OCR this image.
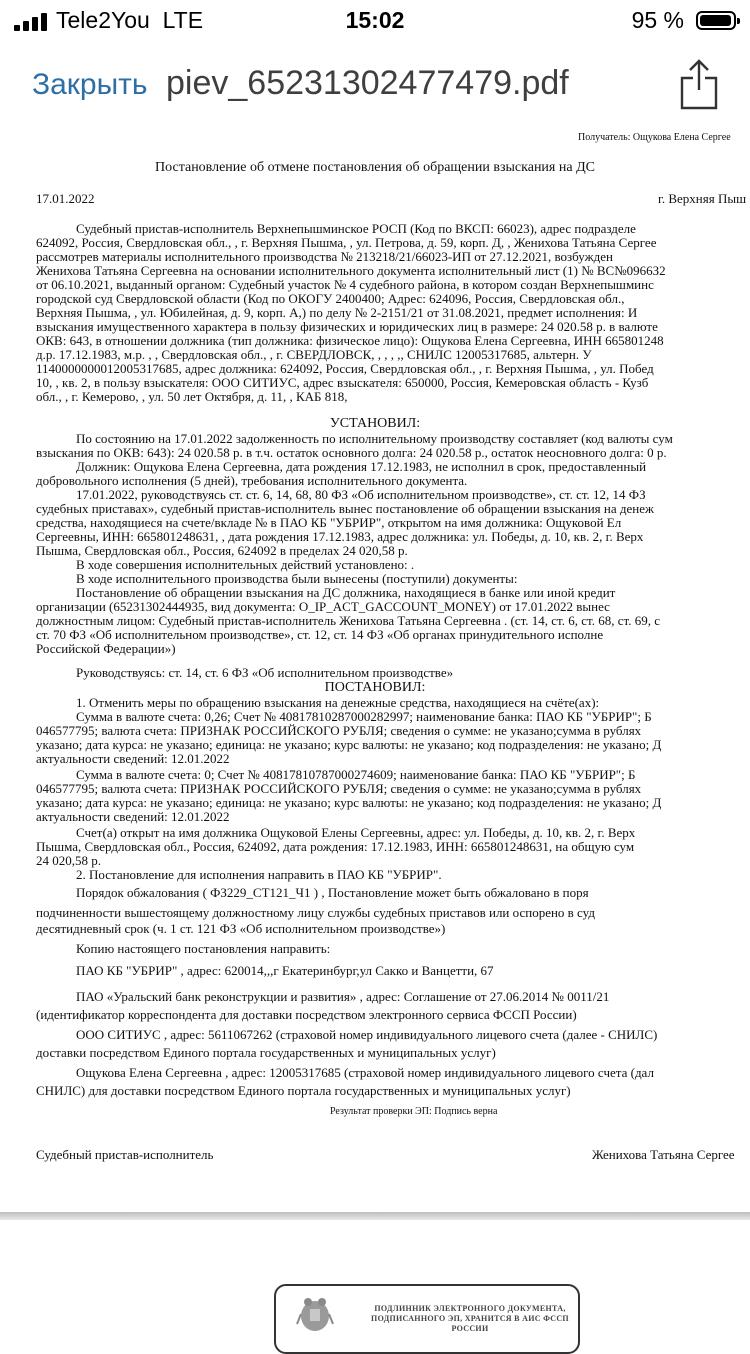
Tele2You LTE	15:02	95 %
Закрыть piev_65231302477479.pdf
Получатель: Ощукова Елена Сергее
Постановление об отмене постановления об обращении взыскания на ДС
17.01.2022	г. Верхняя Пыш
Судебный пристав-исполнитель Верхнепышминское РОСП (Код по ВКСП: 66023), адрес подразделе
624092, Россия, Свердловская обл., , г. Верхняя Пышма, , ул. Петрова, д. 59, корп. Д, , Женихова Татьяна Сергее
рассмотрев материалы исполнительного производства № 213218/21/66023-ИП от 27.12.2021, возбужден
Женихова Татьяна Сергеевна на основании исполнительного документа исполнительный лист (1) № ВС№0966З2
от 06.10.2021, выданный органом: Судебный участок № 4 судебного района, в котором создан Верхнепышминс
городской суд Свердловской области (Код по ОКОГУ 2400400; Адрес: 624096, Россия, Свердловская обл.,
Верхняя Пышма, , ул. Юбилейная, д. 9, корп. А,) по делу № 2-2151/21 от 31.08.2021, предмет исполнения: И
взыскания имущественного характера в пользу физических и юридических лиц в размере: 24 020.58 р. в валюте
ОКВ: 643, в отношении должника (тип должника: физическое лицо): Ощукова Елена Сергеевна, ИНН 665801248
д.р. 17.12.1983, м.р. , , Свердловская обл., , г. СВЕРДЛОВСК, , , , ,, СНИЛС 12005317685, альтерн. У
1140000000012005317685, адрес должника: 624092, Россия, Свердловская обл., , г. Верхняя Пышма, , ул. Побед
10, , кв. 2, в пользу взыскателя: ООО СИТИУС, адрес взыскателя: 650000, Россия, Кемеровская область - Кузб
обл., , г. Кемерово, , ул. 50 лет Октября, д. 11, , КАБ 818,
УСТАНОВИЛ:
По состоянию на 17.01.2022 задолженность по исполнительному производству составляет (код валюты сум
взыскания по ОКВ: 643): 24 020.58 р. в т.ч. остаток основного долга: 24 020.58 р., остаток неосновного долга: 0 р.
Должник: Ощукова Елена Сергеевна, дата рождения 17.12.1983, не исполнил в срок, предоставленный
добровольного исполнения (5 дней), требования исполнительного документа.
17.01.2022, руководствуясь ст. ст. 6, 14, 68, 80 ФЗ «Об исполнительном производстве», ст. ст. 12, 14 ФЗ
судебных приставах», судебный пристав-исполнитель вынес постановление об обращении взыскания на денеж
средства, находящиеся на счете/вкладе № в ПАО КБ "УБРИР", открытом на имя должника: Ощуковой Ел
Сергеевны, ИНН: 665801248631, , дата рождения 17.12.1983, адрес должника: ул. Победы, д. 10, кв. 2, г. Верх
Пышма, Свердловская обл., Россия, 624092 в пределах 24 020,58 р.
В ходе совершения исполнительных действий установлено: .
В ходе исполнительного производства были вынесены (поступили) документы:
Постановление об обращении взыскания на ДС должника, находящиеся в банке или иной кредит
организации (65231302444935, вид документа: O_IP_ACT_GACCOUNT_MONEY) от 17.01.2022 вынес
должностным лицом: Судебный пристав-исполнитель Женихова Татьяна Сергеевна . (ст. 14, ст. 6, ст. 68, ст. 69, с
ст. 70 ФЗ «Об исполнительном производстве», ст. 12, ст. 14 ФЗ «Об органах принудительного исполне
Российской Федерации»)
Руководствуясь: ст. 14, ст. 6 ФЗ «Об исполнительном производстве»
ПОСТАНОВИЛ:
1. Отменить меры по обращению взыскания на денежные средства, находящиеся на счёте(ах):
Сумма в валюте счета: 0,26; Счет № 40817810287000282997; наименование банка: ПАО КБ "УБРИР"; Б
046577795; валюта счета: ПРИЗНАК РОССИЙСКОГО РУБЛЯ; сведения о сумме: не указано;сумма в рублях
указано; дата курса: не указано; единица: не указано; курс валюты: не указано; код подразделения: не указано; Д
актуальности сведений: 12.01.2022
Сумма в валюте счета: 0; Счет № 40817810787000274609; наименование банка: ПАО КБ "УБРИР"; Б
046577795; валюта счета: ПРИЗНАК РОССИЙСКОГО РУБЛЯ; сведения о сумме: не указано;сумма в рублях
указано; дата курса: не указано; единица: не указано; курс валюты: не указано; код подразделения: не указано; Д
актуальности сведений: 12.01.2022
Счет(а) открыт на имя должника Ощуковой Елены Сергеевны, адрес: ул. Победы, д. 10, кв. 2, г. Верх
Пышма, Свердловская обл., Россия, 624092, дата рождения: 17.12.1983, ИНН: 665801248631, на общую сум
24 020,58 р.
2. Постановление для исполнения направить в ПАО КБ "УБРИР".
Порядок обжалования ( ФЗ229_СТ121_Ч1 ) , Постановление может быть обжаловано в поря
подчиненности вышестоящему должностному лицу службы судебных приставов или оспорено в суд
десятидневный срок (ч. 1 ст. 121 ФЗ «Об исполнительном производстве»)
Копию настоящего постановления направить:
ПАО КБ "УБРИР" , адрес: 620014,,,г Екатеринбург,ул Сакко и Ванцетти, 67
ПАО «Уральский банк реконструкции и развития» , адрес: Соглашение от 27.06.2014 № 0011/21
(идентификатор корреспондента для доставки посредством электронного сервиса ФССП России)
ООО СИТИУС , адрес: 5611067262 (страховой номер индивидуального лицевого счета (далее - СНИЛС)
доставки посредством Единого портала государственных и муниципальных услуг)
Ощукова Елена Сергеевна , адрес: 12005317685 (страховой номер индивидуального лицевого счета (дал
СНИЛС) для доставки посредством Единого портала государственных и муниципальных услуг)
Результат проверки ЭП: Подпись верна
Судебный пристав-исполнитель	Женихова Татьяна Сергее
ПОДЛИННИК ЭЛЕКТРОННОГО ДОКУМЕНТА,
ПОДПИСАННОГО ЭП, ХРАНИТСЯ В АИС ФССП РОССИИ
